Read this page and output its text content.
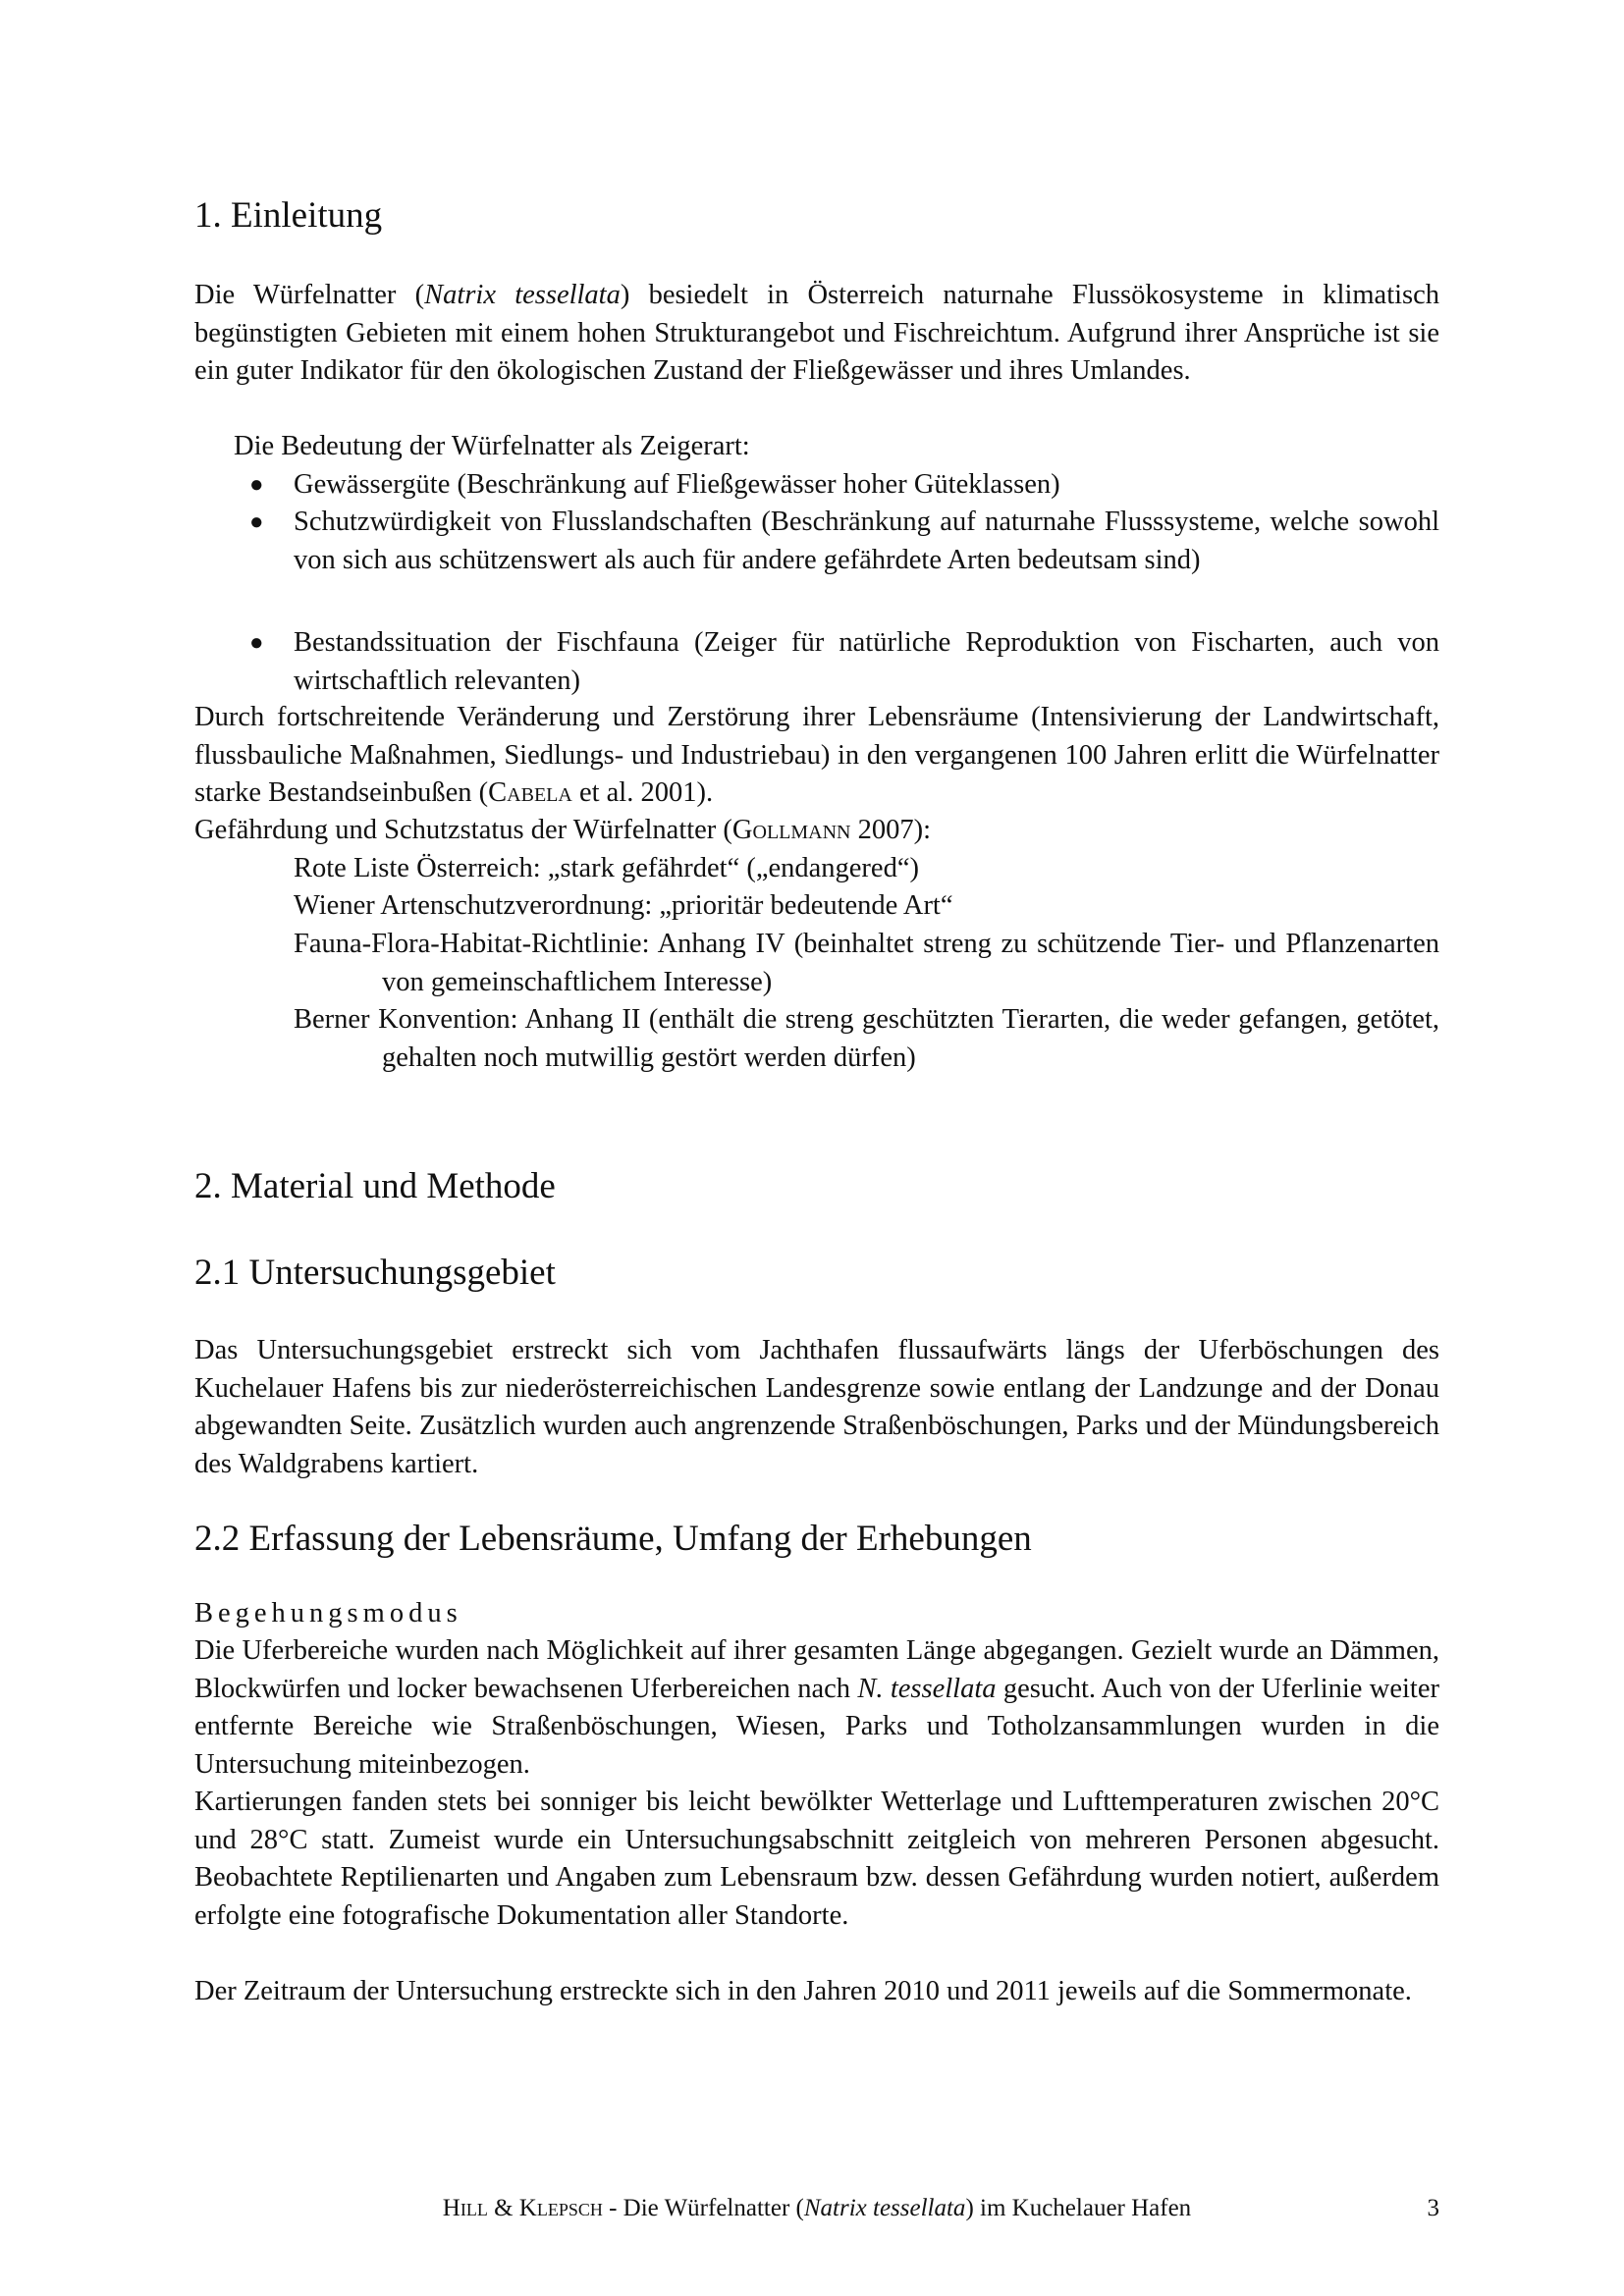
1. Einleitung

Die Würfelnatter (Natrix tessellata) besiedelt in Österreich naturnahe Flussökosysteme in klimatisch begünstigten Gebieten mit einem hohen Strukturangebot und Fischreichtum. Aufgrund ihrer Ansprüche ist sie ein guter Indikator für den ökologischen Zustand der Fließgewässer und ihres Umlandes.

Die Bedeutung der Würfelnatter als Zeigerart:

● Gewässergüte (Beschränkung auf Fließgewässer hoher Güteklassen)

● Schutzwürdigkeit von Flusslandschaften (Beschränkung auf naturnahe Flusssysteme, welche sowohl von sich aus schützenswert als auch für andere gefährdete Arten bedeutsam sind)

● Bestandssituation der Fischfauna (Zeiger für natürliche Reproduktion von Fischarten, auch von wirtschaftlich relevanten)

Durch fortschreitende Veränderung und Zerstörung ihrer Lebensräume (Intensivierung der Landwirtschaft, flussbauliche Maßnahmen, Siedlungs- und Industriebau) in den vergangenen 100 Jahren erlitt die Würfelnatter starke Bestandseinbußen (Cabela et al. 2001).

Gefährdung und Schutzstatus der Würfelnatter (Gollmann 2007):

Rote Liste Österreich: „stark gefährdet“ („endangered“)

Wiener Artenschutzverordnung: „prioritär bedeutende Art“

Fauna-Flora-Habitat-Richtlinie: Anhang IV (beinhaltet streng zu schützende Tier- und Pflanzenarten von gemeinschaftlichem Interesse)

Berner Konvention: Anhang II (enthält die streng geschützten Tierarten, die weder gefangen, getötet, gehalten noch mutwillig gestört werden dürfen)

2. Material und Methode
2.1 Untersuchungsgebiet

Das Untersuchungsgebiet erstreckt sich vom Jachthafen flussaufwärts längs der Uferböschungen des Kuchelauer Hafens bis zur niederösterreichischen Landesgrenze sowie entlang der Landzunge and der Donau abgewandten Seite. Zusätzlich wurden auch angrenzende Straßenböschungen, Parks und der Mündungsbereich des Waldgrabens kartiert.

2.2 Erfassung der Lebensräume, Umfang der Erhebungen

Begehungsmodus

Die Uferbereiche wurden nach Möglichkeit auf ihrer gesamten Länge abgegangen. Gezielt wurde an Dämmen, Blockwürfen und locker bewachsenen Uferbereichen nach N. tessellata gesucht. Auch von der Uferlinie weiter entfernte Bereiche wie Straßenböschungen, Wiesen, Parks und Totholzansammlungen wurden in die Untersuchung miteinbezogen.

Kartierungen fanden stets bei sonniger bis leicht bewölkter Wetterlage und Lufttemperaturen zwischen 20°C und 28°C statt. Zumeist wurde ein Untersuchungsabschnitt zeitgleich von mehreren Personen abgesucht. Beobachtete Reptilienarten und Angaben zum Lebensraum bzw. dessen Gefährdung wurden notiert, außerdem erfolgte eine fotografische Dokumentation aller Standorte.

Der Zeitraum der Untersuchung erstreckte sich in den Jahren 2010 und 2011 jeweils auf die Sommermonate.

Hill & Klepsch - Die Würfelnatter (Natrix tessellata) im Kuchelauer Hafen	3
